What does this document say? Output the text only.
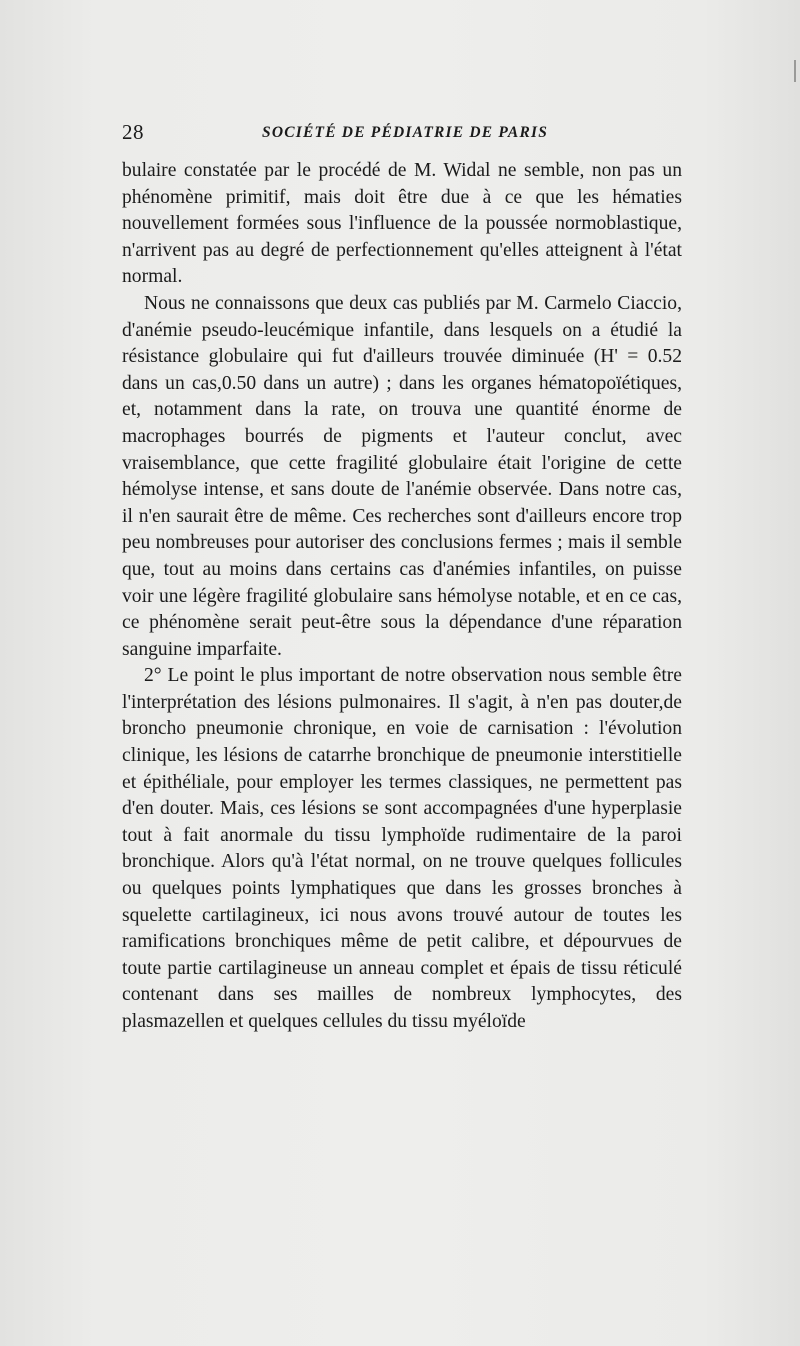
28	SOCIÉTÉ DE PÉDIATRIE DE PARIS

bulaire constatée par le procédé de M. Widal ne semble, non pas un phénomène primitif, mais doit être due à ce que les hématies nouvellement formées sous l'influence de la poussée normoblastique, n'arrivent pas au degré de perfectionnement qu'elles atteignent à l'état normal.

Nous ne connaissons que deux cas publiés par M. Carmelo Ciaccio, d'anémie pseudo-leucémique infantile, dans lesquels on a étudié la résistance globulaire qui fut d'ailleurs trouvée diminuée (H' = 0.52 dans un cas,0.50 dans un autre) ; dans les organes hématopoïétiques, et, notamment dans la rate, on trouva une quantité énorme de macrophages bourrés de pigments et l'auteur conclut, avec vraisemblance, que cette fragilité globulaire était l'origine de cette hémolyse intense, et sans doute de l'anémie observée. Dans notre cas, il n'en saurait être de même. Ces recherches sont d'ailleurs encore trop peu nombreuses pour autoriser des conclusions fermes ; mais il semble que, tout au moins dans certains cas d'anémies infantiles, on puisse voir une légère fragilité globulaire sans hémolyse notable, et en ce cas, ce phénomène serait peut-être sous la dépendance d'une réparation sanguine imparfaite.

2° Le point le plus important de notre observation nous semble être l'interprétation des lésions pulmonaires. Il s'agit, à n'en pas douter,de broncho pneumonie chronique, en voie de carnisation : l'évolution clinique, les lésions de catarrhe bronchique de pneumonie interstitielle et épithéliale, pour employer les termes classiques, ne permettent pas d'en douter. Mais, ces lésions se sont accompagnées d'une hyperplasie tout à fait anormale du tissu lymphoïde rudimentaire de la paroi bronchique. Alors qu'à l'état normal, on ne trouve quelques follicules ou quelques points lymphatiques que dans les grosses bronches à squelette cartilagineux, ici nous avons trouvé autour de toutes les ramifications bronchiques même de petit calibre, et dépourvues de toute partie cartilagineuse un anneau complet et épais de tissu réticulé contenant dans ses mailles de nombreux lymphocytes, des plasmazellen et quelques cellules du tissu myéloïde
